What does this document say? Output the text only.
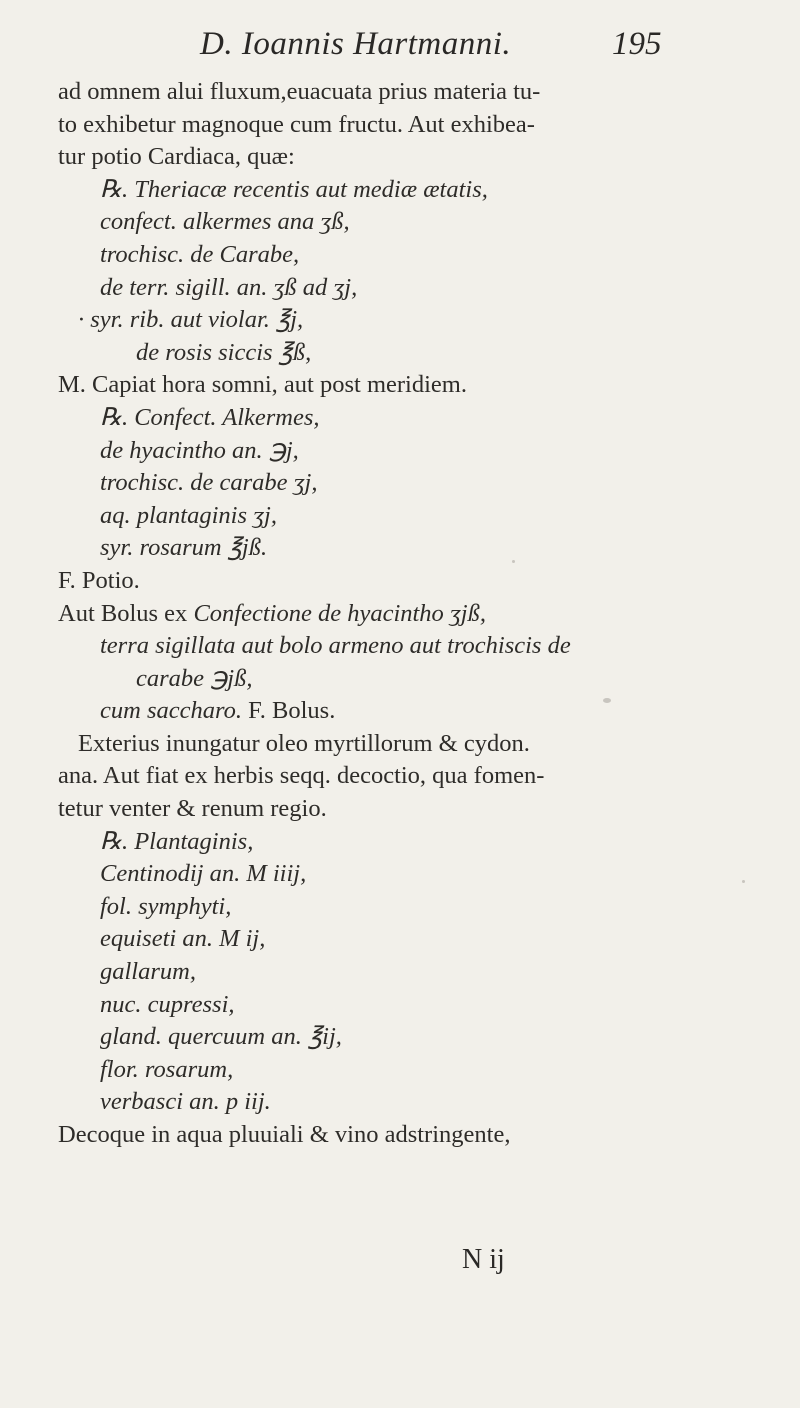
D. Ioannis Hartmanni.	195
ad omnem alui fluxum,euacuata prius materia tu-
to exhibetur magnoque cum fructu. Aut exhibea-
tur potio Cardiaca, quæ:
℞. Theriacæ recentis aut mediæ ætatis,
confect. alkermes ana ʒß,
trochisc. de Carabe,
de terr. sigill. an. ʒß ad ʒj,
· syr. rib. aut violar. ℥j,
de rosis siccis ℥ß,
M. Capiat hora somni, aut post meridiem.
℞. Confect. Alkermes,
de hyacintho an. ℈j,
trochisc. de carabe ʒj,
aq. plantaginis ʒj,
syr. rosarum ℥jß.
F. Potio.
Aut Bolus ex Confectione de hyacintho ʒjß,
terra sigillata aut bolo armeno aut trochiscis de
carabe ℈jß,
cum saccharo. F. Bolus.
Exterius inungatur oleo myrtillorum & cydon.
ana. Aut fiat ex herbis seqq. decoctio, qua fomen-
tetur venter & renum regio.
℞. Plantaginis,
Centinodij an. M iiij,
fol. symphyti,
equiseti an. M ij,
gallarum,
nuc. cupressi,
gland. quercuum an. ℥ij,
flor. rosarum,
verbasci an. p iij.
Decoque in aqua pluuiali & vino adstringente,
N ij
